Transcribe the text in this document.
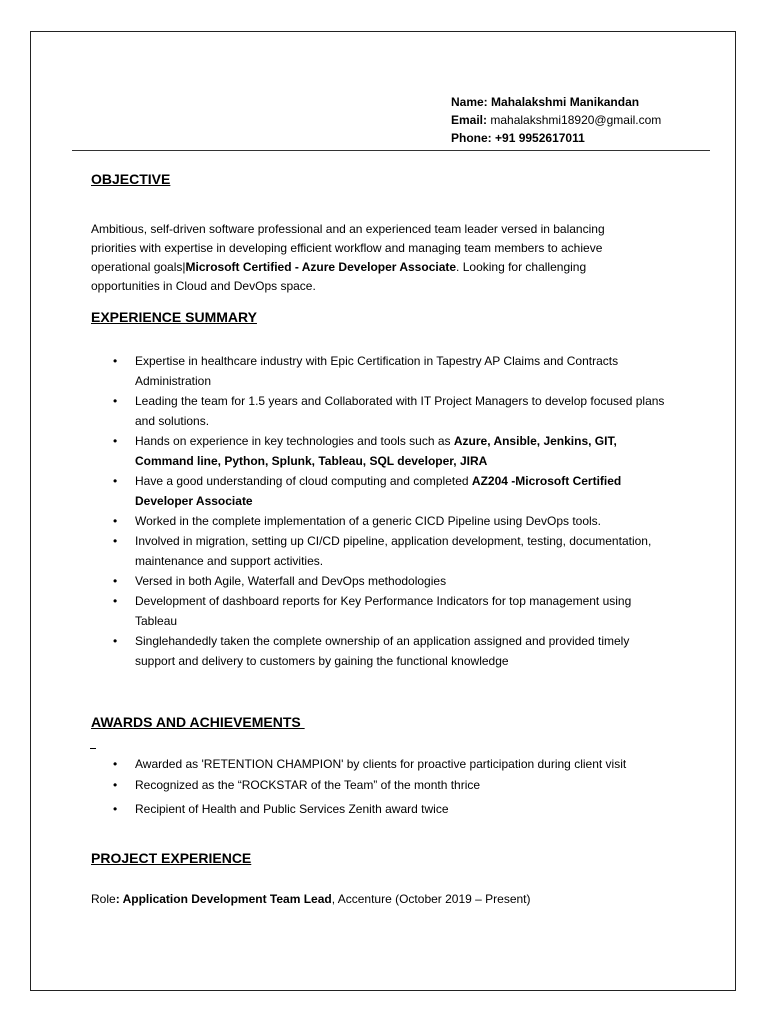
Name: Mahalakshmi Manikandan
Email: mahalakshmi18920@gmail.com
Phone: +91 9952617011
OBJECTIVE
Ambitious, self-driven software professional and an experienced team leader versed in balancing priorities with expertise in developing efficient workflow and managing team members to achieve operational goals|Microsoft Certified - Azure Developer Associate. Looking for challenging opportunities in Cloud and DevOps space.
EXPERIENCE SUMMARY
• Expertise in healthcare industry with Epic Certification in Tapestry AP Claims and Contracts Administration
• Leading the team for 1.5 years and Collaborated with IT Project Managers to develop focused plans and solutions.
• Hands on experience in key technologies and tools such as Azure, Ansible, Jenkins, GIT, Command line, Python, Splunk, Tableau, SQL developer, JIRA
• Have a good understanding of cloud computing and completed AZ204 -Microsoft Certified Developer Associate
• Worked in the complete implementation of a generic CICD Pipeline using DevOps tools.
• Involved in migration, setting up CI/CD pipeline, application development, testing, documentation, maintenance and support activities.
• Versed in both Agile, Waterfall and DevOps methodologies
• Development of dashboard reports for Key Performance Indicators for top management using Tableau
• Singlehandedly taken the complete ownership of an application assigned and provided timely support and delivery to customers by gaining the functional knowledge
AWARDS AND ACHIEVEMENTS
• Awarded as 'RETENTION CHAMPION' by clients for proactive participation during client visit
• Recognized as the “ROCKSTAR of the Team” of the month thrice
• Recipient of Health and Public Services Zenith award twice
PROJECT EXPERIENCE
Role: Application Development Team Lead, Accenture (October 2019 – Present)
